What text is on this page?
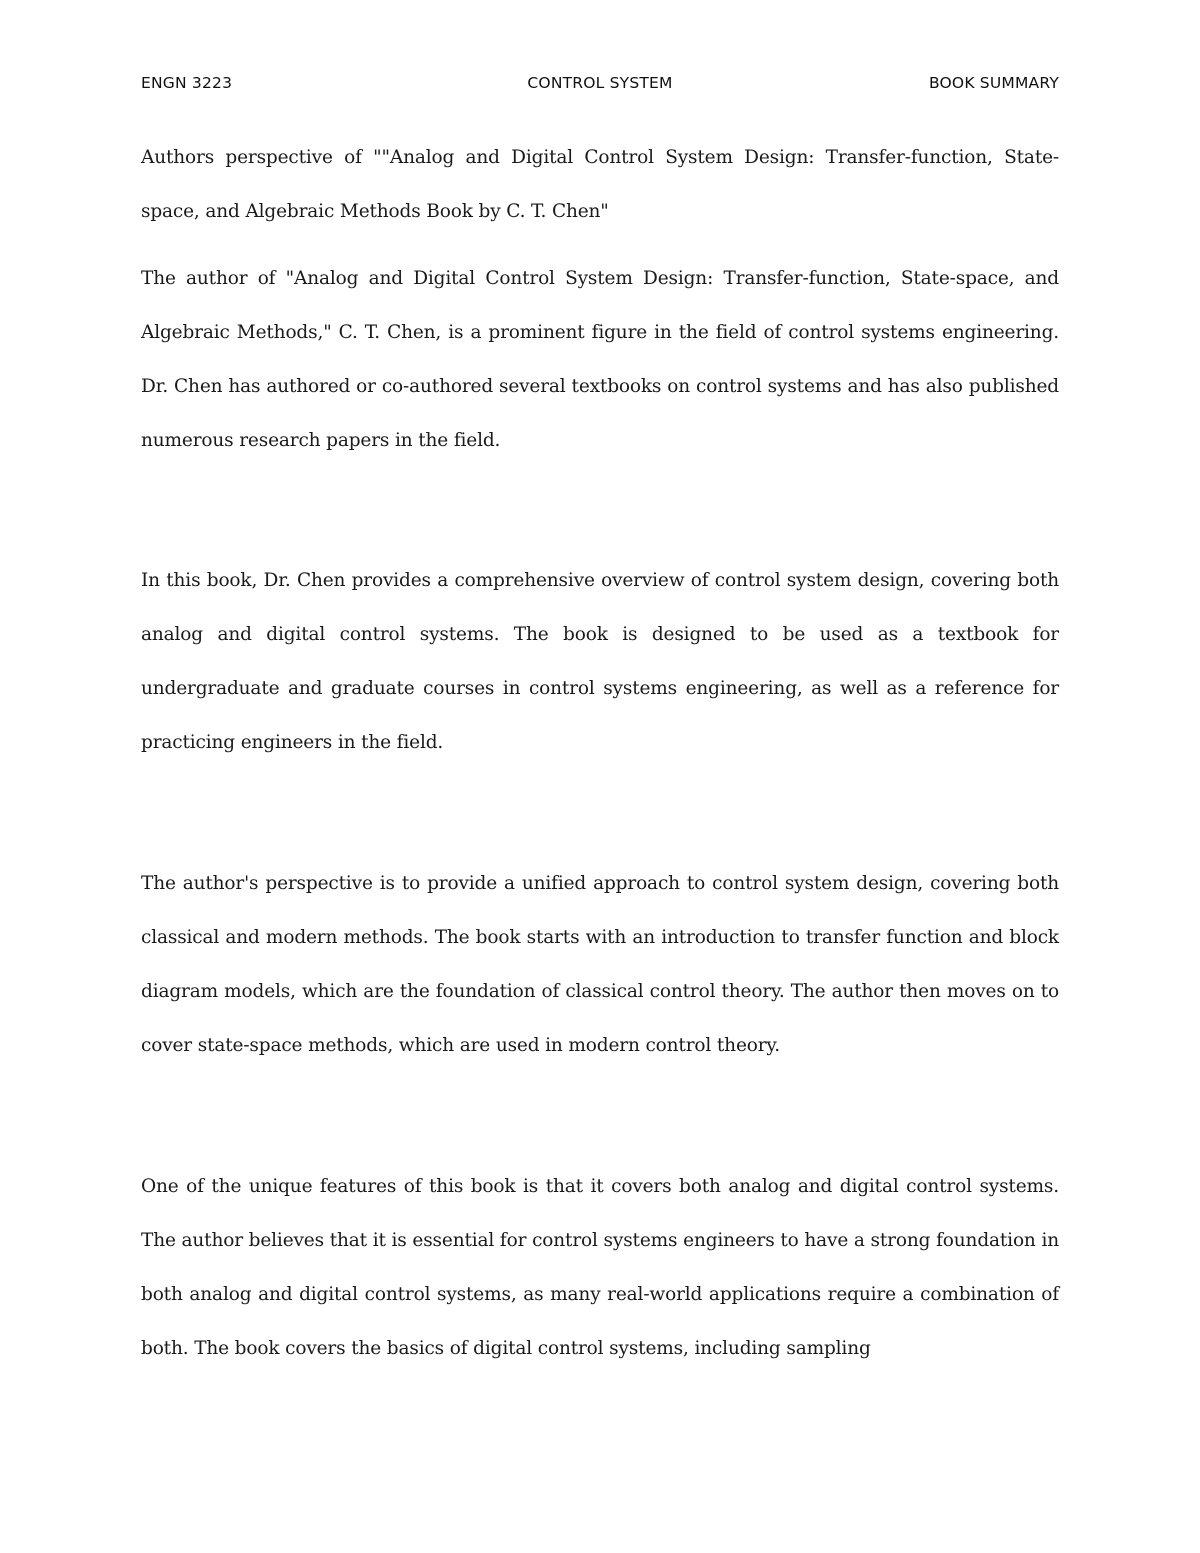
ENGN 3223	CONTROL SYSTEM	BOOK SUMMARY

Authors perspective of ""Analog and Digital Control System Design: Transfer-function, State-space, and Algebraic Methods Book by C. T. Chen"

The author of "Analog and Digital Control System Design: Transfer-function, State-space, and Algebraic Methods," C. T. Chen, is a prominent figure in the field of control systems engineering. Dr. Chen has authored or co-authored several textbooks on control systems and has also published numerous research papers in the field.

In this book, Dr. Chen provides a comprehensive overview of control system design, covering both analog and digital control systems. The book is designed to be used as a textbook for undergraduate and graduate courses in control systems engineering, as well as a reference for practicing engineers in the field.

The author's perspective is to provide a unified approach to control system design, covering both classical and modern methods. The book starts with an introduction to transfer function and block diagram models, which are the foundation of classical control theory. The author then moves on to cover state-space methods, which are used in modern control theory.

One of the unique features of this book is that it covers both analog and digital control systems. The author believes that it is essential for control systems engineers to have a strong foundation in both analog and digital control systems, as many real-world applications require a combination of both. The book covers the basics of digital control systems, including sampling
